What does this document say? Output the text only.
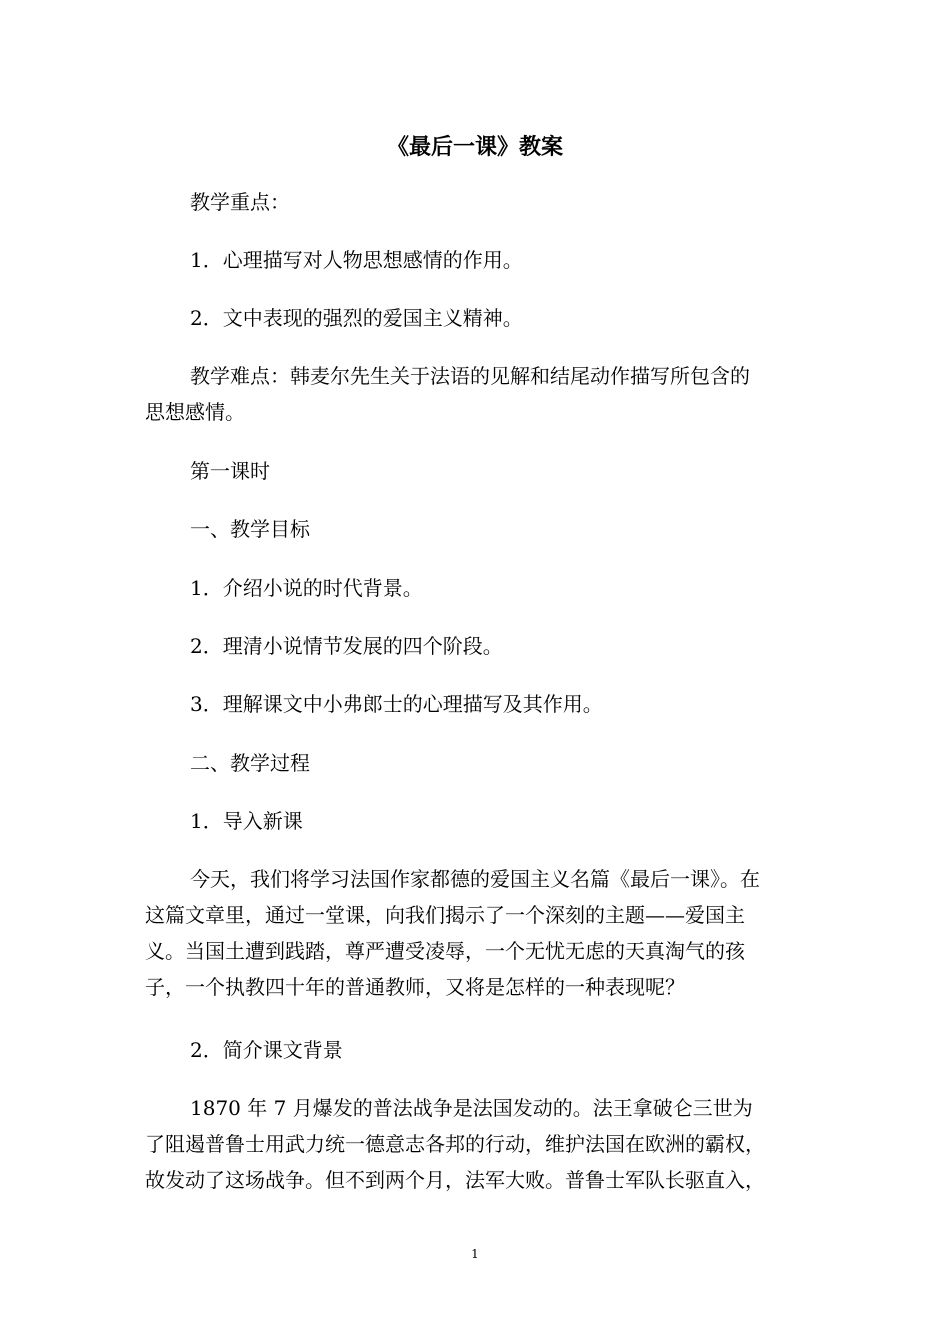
《最后一课》教案
教学重点：
1．心理描写对人物思想感情的作用。
2．文中表现的强烈的爱国主义精神。
教学难点：韩麦尔先生关于法语的见解和结尾动作描写所包含的
思想感情。
第一课时
一、教学目标
1．介绍小说的时代背景。
2．理清小说情节发展的四个阶段。
3．理解课文中小弗郎士的心理描写及其作用。
二、教学过程
1．导入新课
今天，我们将学习法国作家都德的爱国主义名篇《最后一课》。在
这篇文章里，通过一堂课，向我们揭示了一个深刻的主题——爱国主
义。当国土遭到践踏，尊严遭受凌辱，一个无忧无虑的天真淘气的孩
子，一个执教四十年的普通教师，又将是怎样的一种表现呢？
2．简介课文背景
1870 年 7 月爆发的普法战争是法国发动的。法王拿破仑三世为
了阻遏普鲁士用武力统一德意志各邦的行动，维护法国在欧洲的霸权，
故发动了这场战争。但不到两个月，法军大败。普鲁士军队长驱直入，
1
